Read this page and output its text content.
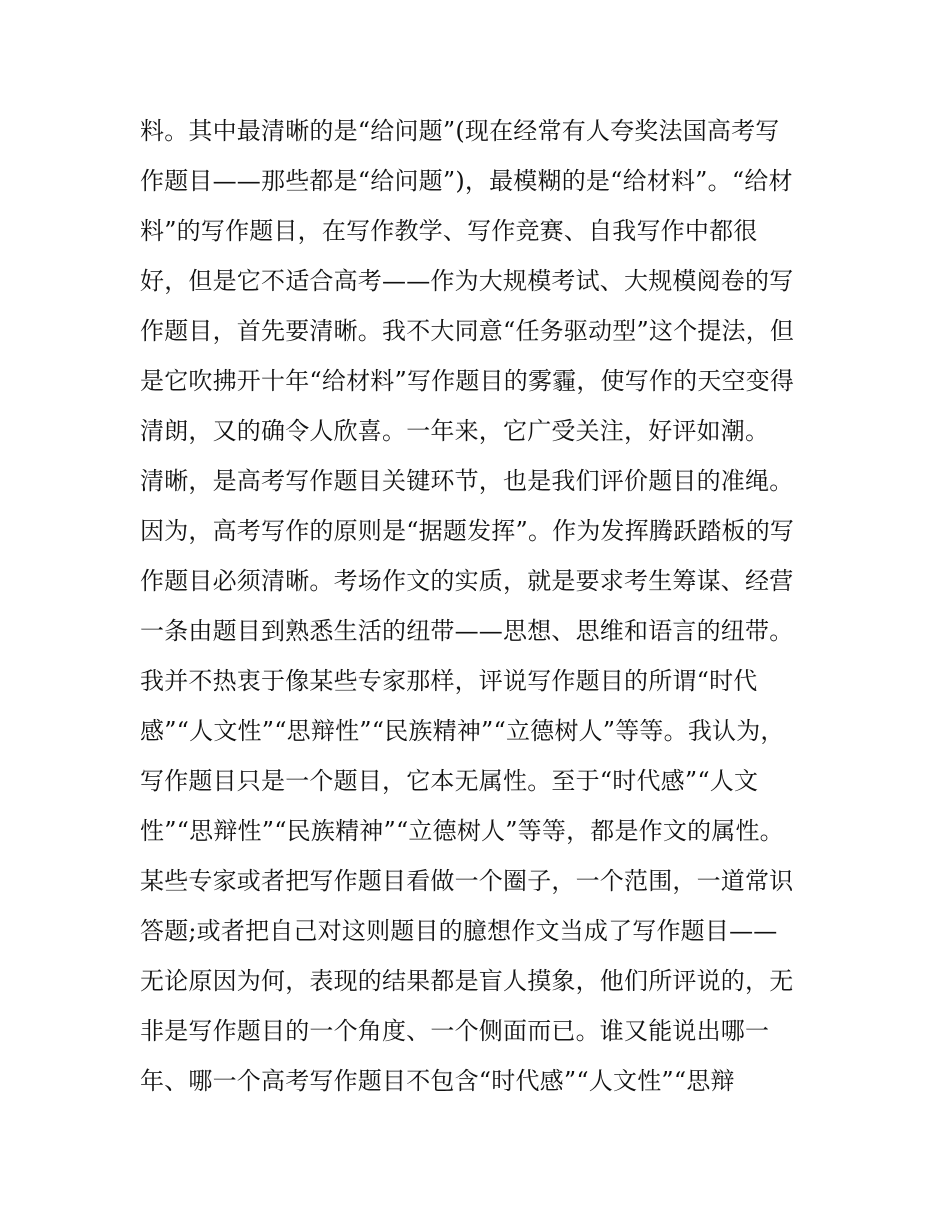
料。其中最清晰的是“给问题”(现在经常有人夸奖法国高考写
作题目——那些都是“给问题”)，最模糊的是“给材料”。“给材
料”的写作题目，在写作教学、写作竞赛、自我写作中都很
好，但是它不适合高考——作为大规模考试、大规模阅卷的写
作题目，首先要清晰。我不大同意“任务驱动型”这个提法，但
是它吹拂开十年“给材料”写作题目的雾霾，使写作的天空变得
清朗，又的确令人欣喜。一年来，它广受关注，好评如潮。
清晰，是高考写作题目关键环节，也是我们评价题目的准绳。
因为，高考写作的原则是“据题发挥”。作为发挥腾跃踏板的写
作题目必须清晰。考场作文的实质，就是要求考生筹谋、经营
一条由题目到熟悉生活的纽带——思想、思维和语言的纽带。
我并不热衷于像某些专家那样，评说写作题目的所谓“时代
感”“人文性”“思辩性”“民族精神”“立德树人”等等。我认为，
写作题目只是一个题目，它本无属性。至于“时代感”“人文
性”“思辩性”“民族精神”“立德树人”等等，都是作文的属性。
某些专家或者把写作题目看做一个圈子，一个范围，一道常识
答题;或者把自己对这则题目的臆想作文当成了写作题目——
无论原因为何，表现的结果都是盲人摸象，他们所评说的，无
非是写作题目的一个角度、一个侧面而已。谁又能说出哪一
年、哪一个高考写作题目不包含“时代感”“人文性”“思辩
